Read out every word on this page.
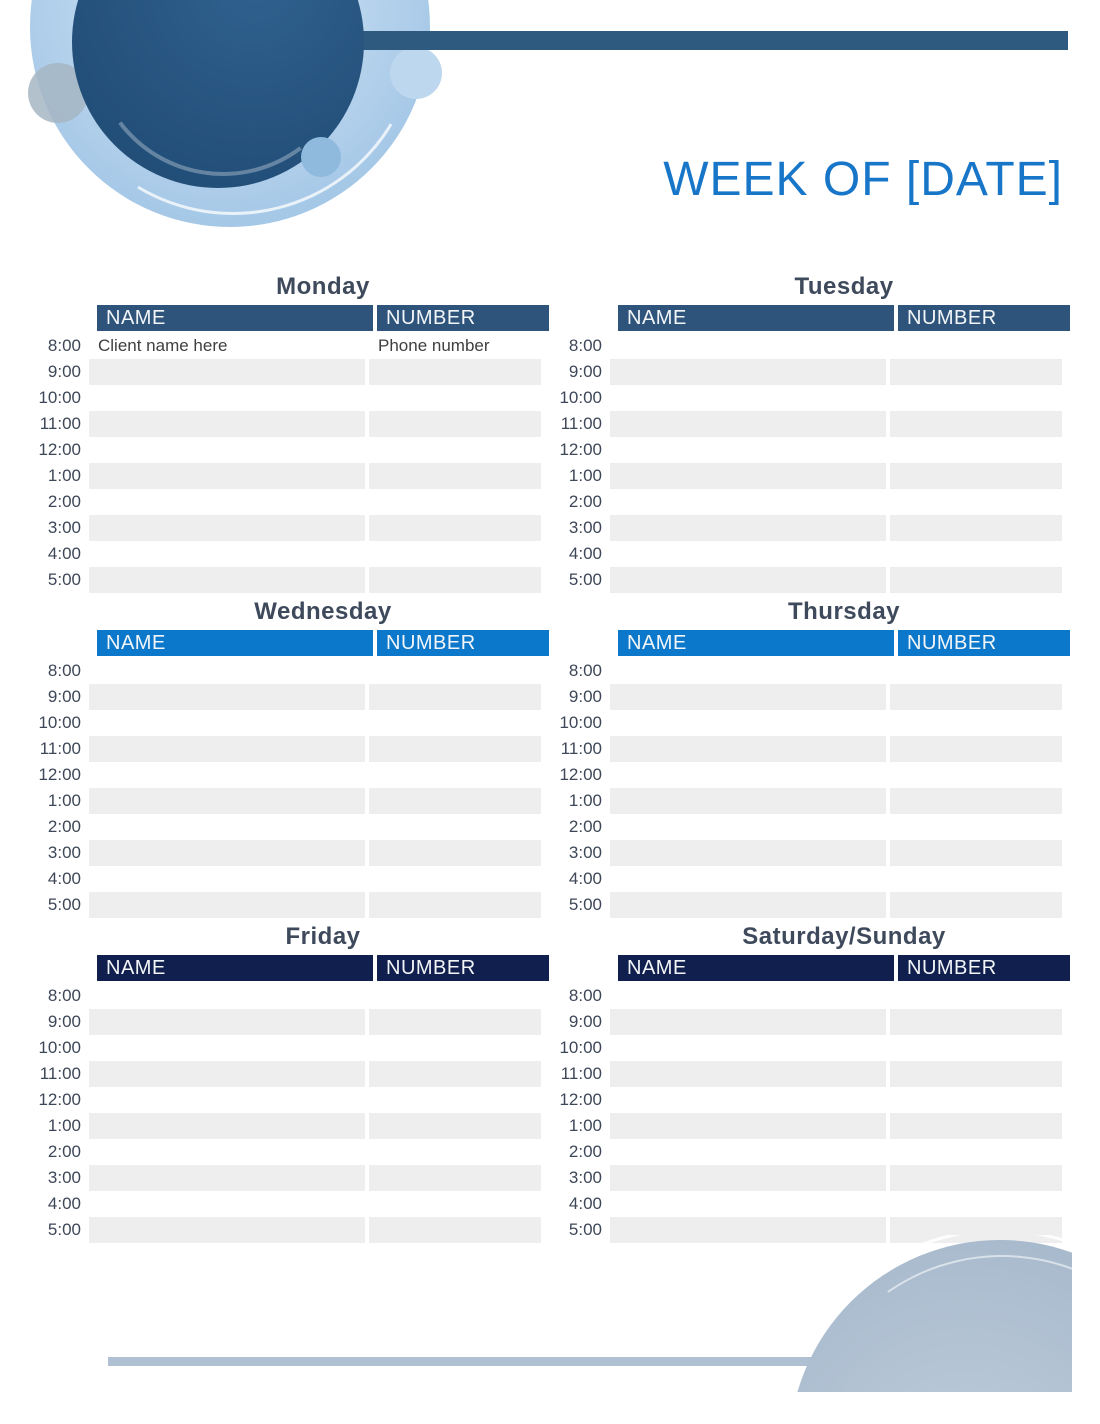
WEEK OF [DATE]
Monday
NAME	NUMBER
8:00	Client name here	Phone number
9:00
10:00
11:00
12:00
1:00
2:00
3:00
4:00
5:00
Tuesday
NAME	NUMBER
8:00
9:00
10:00
11:00
12:00
1:00
2:00
3:00
4:00
5:00
Wednesday
NAME	NUMBER
8:00
9:00
10:00
11:00
12:00
1:00
2:00
3:00
4:00
5:00
Thursday
NAME	NUMBER
8:00
9:00
10:00
11:00
12:00
1:00
2:00
3:00
4:00
5:00
Friday
NAME	NUMBER
8:00
9:00
10:00
11:00
12:00
1:00
2:00
3:00
4:00
5:00
Saturday/Sunday
NAME	NUMBER
8:00
9:00
10:00
11:00
12:00
1:00
2:00
3:00
4:00
5:00
